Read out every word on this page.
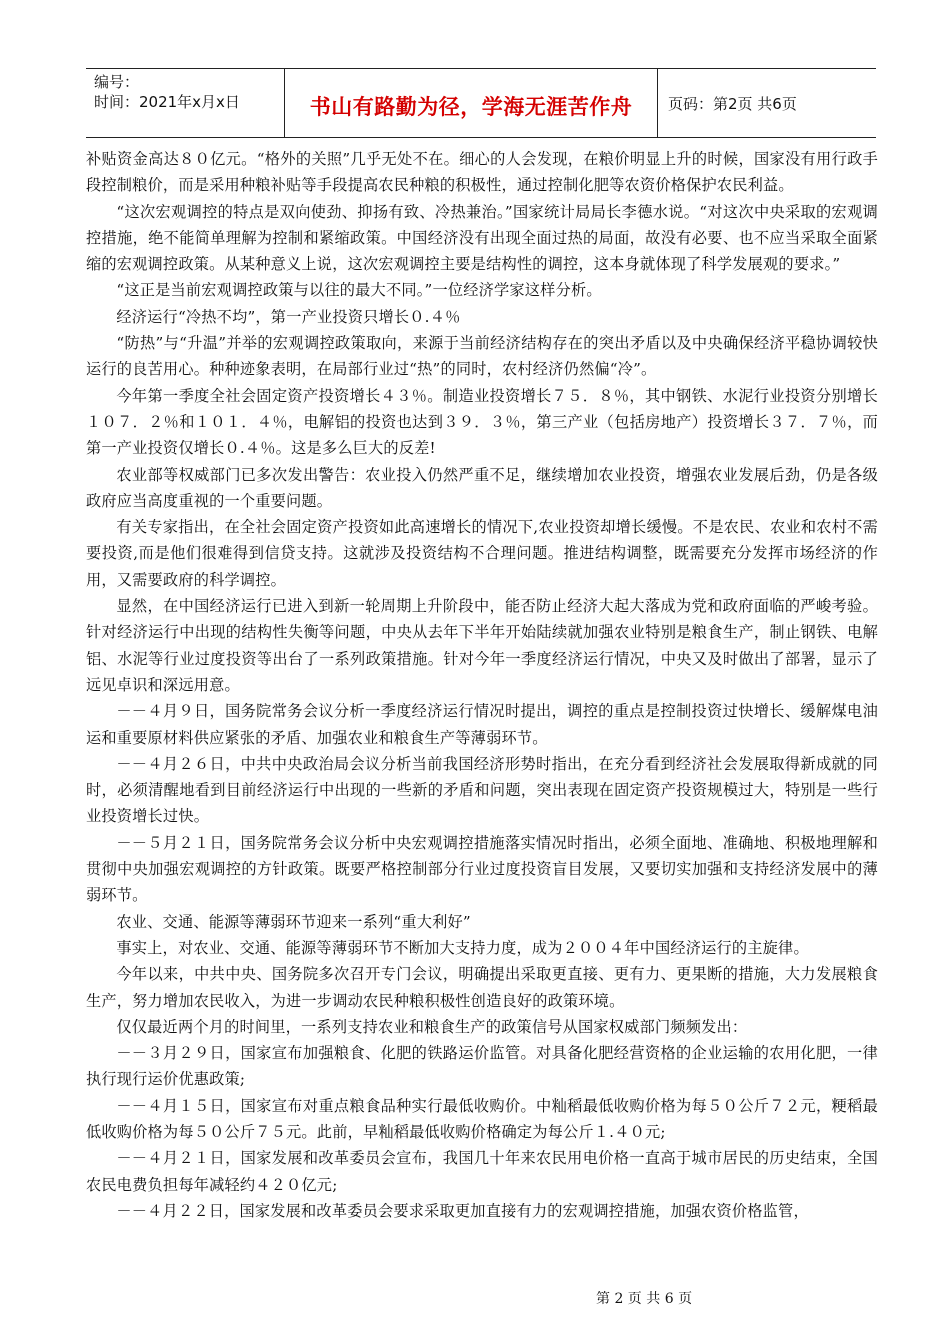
编号：
时间：2021年x月x日	书山有路勤为径，学海无涯苦作舟	页码：第2页 共6页

补贴资金高达８０亿元。“格外的关照”几乎无处不在。细心的人会发现，在粮价明显上升的时候，国家没有用行政手段控制粮价，而是采用种粮补贴等手段提高农民种粮的积极性，通过控制化肥等农资价格保护农民利益。

“这次宏观调控的特点是双向使劲、抑扬有致、冷热兼治。”国家统计局局长李德水说。“对这次中央采取的宏观调控措施，绝不能简单理解为控制和紧缩政策。中国经济没有出现全面过热的局面，故没有必要、也不应当采取全面紧缩的宏观调控政策。从某种意义上说，这次宏观调控主要是结构性的调控，这本身就体现了科学发展观的要求。”

“这正是当前宏观调控政策与以往的最大不同。”一位经济学家这样分析。

经济运行“冷热不均”，第一产业投资只增长０.４％

“防热”与“升温”并举的宏观调控政策取向，来源于当前经济结构存在的突出矛盾以及中央确保经济平稳协调较快运行的良苦用心。种种迹象表明，在局部行业过“热”的同时，农村经济仍然偏“冷”。

今年第一季度全社会固定资产投资增长４３％。制造业投资增长７５．８％，其中钢铁、水泥行业投资分别增长１０７．２％和１０１．４％，电解铝的投资也达到３９．３％，第三产业（包括房地产）投资增长３７．７％，而第一产业投资仅增长０.４％。这是多么巨大的反差!

农业部等权威部门已多次发出警告：农业投入仍然严重不足，继续增加农业投资，增强农业发展后劲，仍是各级政府应当高度重视的一个重要问题。

有关专家指出，在全社会固定资产投资如此高速增长的情况下,农业投资却增长缓慢。不是农民、农业和农村不需要投资,而是他们很难得到信贷支持。这就涉及投资结构不合理问题。推进结构调整，既需要充分发挥市场经济的作用，又需要政府的科学调控。

显然，在中国经济运行已进入到新一轮周期上升阶段中，能否防止经济大起大落成为党和政府面临的严峻考验。针对经济运行中出现的结构性失衡等问题，中央从去年下半年开始陆续就加强农业特别是粮食生产，制止钢铁、电解铝、水泥等行业过度投资等出台了一系列政策措施。针对今年一季度经济运行情况，中央又及时做出了部署，显示了远见卓识和深远用意。

－－４月９日，国务院常务会议分析一季度经济运行情况时提出，调控的重点是控制投资过快增长、缓解煤电油运和重要原材料供应紧张的矛盾、加强农业和粮食生产等薄弱环节。

－－４月２６日，中共中央政治局会议分析当前我国经济形势时指出，在充分看到经济社会发展取得新成就的同时，必须清醒地看到目前经济运行中出现的一些新的矛盾和问题，突出表现在固定资产投资规模过大，特别是一些行业投资增长过快。

－－５月２１日，国务院常务会议分析中央宏观调控措施落实情况时指出，必须全面地、准确地、积极地理解和贯彻中央加强宏观调控的方针政策。既要严格控制部分行业过度投资盲目发展，又要切实加强和支持经济发展中的薄弱环节。

农业、交通、能源等薄弱环节迎来一系列“重大利好”

事实上，对农业、交通、能源等薄弱环节不断加大支持力度，成为２００４年中国经济运行的主旋律。

今年以来，中共中央、国务院多次召开专门会议，明确提出采取更直接、更有力、更果断的措施，大力发展粮食生产，努力增加农民收入，为进一步调动农民种粮积极性创造良好的政策环境。

仅仅最近两个月的时间里，一系列支持农业和粮食生产的政策信号从国家权威部门频频发出：

－－３月２９日，国家宣布加强粮食、化肥的铁路运价监管。对具备化肥经营资格的企业运输的农用化肥，一律执行现行运价优惠政策;

－－４月１５日，国家宣布对重点粮食品种实行最低收购价。中籼稻最低收购价格为每５０公斤７２元，粳稻最低收购价格为每５０公斤７５元。此前，早籼稻最低收购价格确定为每公斤１.４０元;

－－４月２１日，国家发展和改革委员会宣布，我国几十年来农民用电价格一直高于城市居民的历史结束，全国农民电费负担每年减轻约４２０亿元;

－－４月２２日，国家发展和改革委员会要求采取更加直接有力的宏观调控措施，加强农资价格监管，

第 2 页 共 6 页
